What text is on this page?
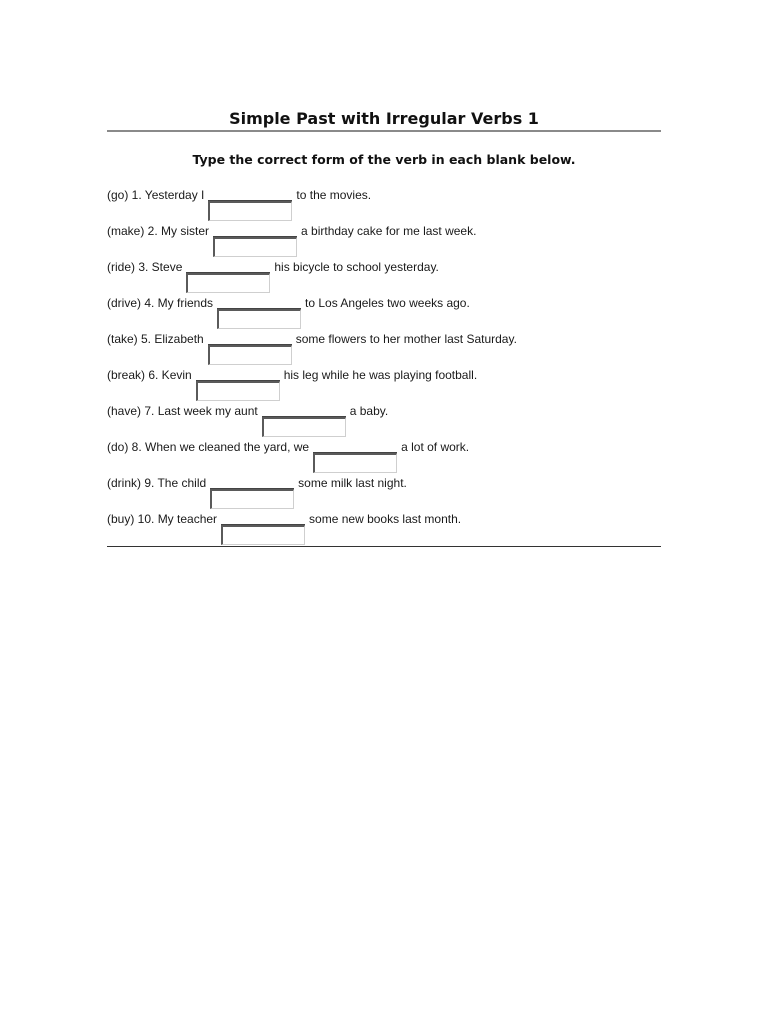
Simple Past with Irregular Verbs 1
Type the correct form of the verb in each blank below.
(go) 1. Yesterday I	to the movies.
(make) 2. My sister	a birthday cake for me last week.
(ride) 3. Steve	his bicycle to school yesterday.
(drive) 4. My friends	to Los Angeles two weeks ago.
(take) 5. Elizabeth	some flowers to her mother last Saturday.
(break) 6. Kevin	his leg while he was playing football.
(have) 7. Last week my aunt	a baby.
(do) 8. When we cleaned the yard, we	a lot of work.
(drink) 9. The child	some milk last night.
(buy) 10. My teacher	some new books last month.
